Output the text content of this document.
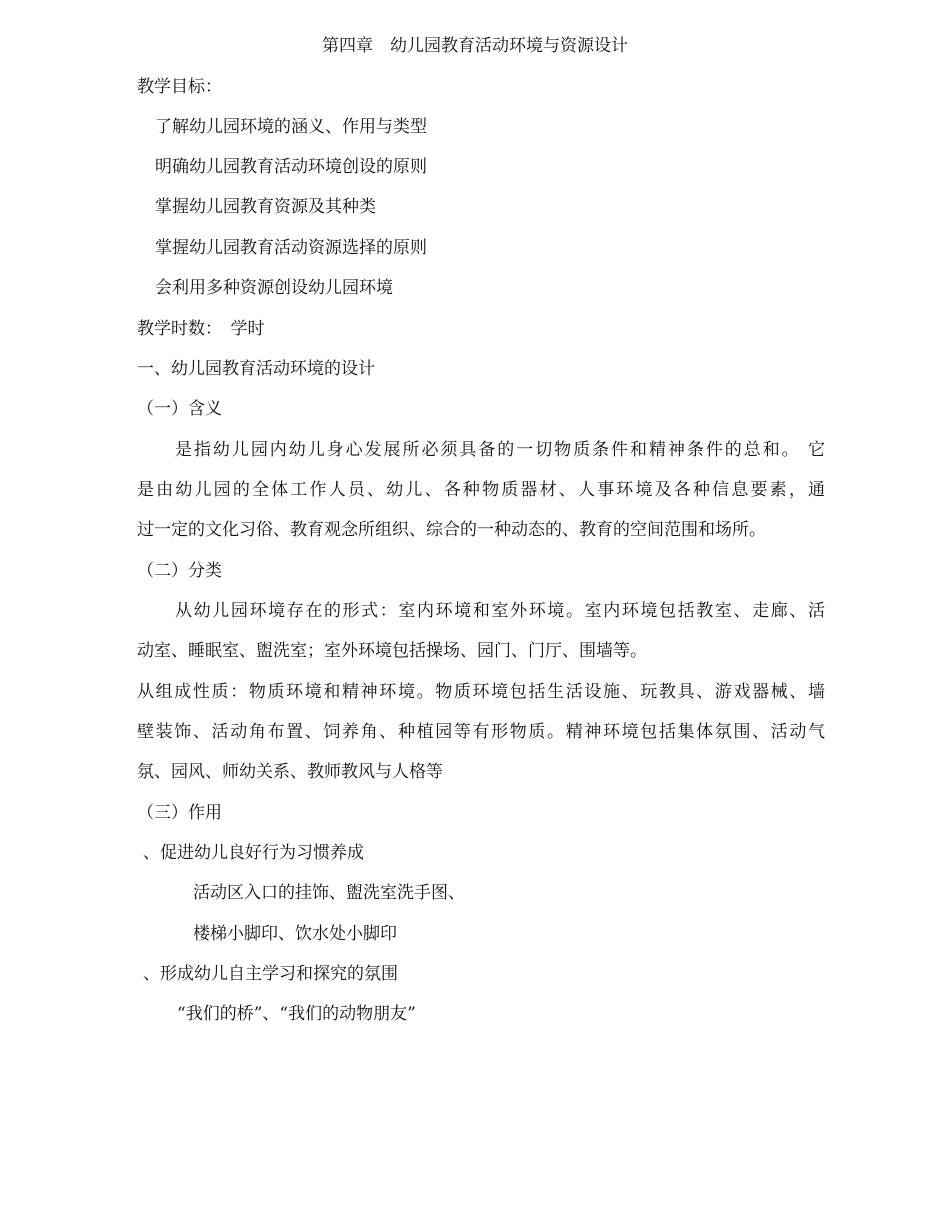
第四章　幼儿园教育活动环境与资源设计
教学目标：
了解幼儿园环境的涵义、作用与类型
明确幼儿园教育活动环境创设的原则
掌握幼儿园教育资源及其种类
掌握幼儿园教育活动资源选择的原则
会利用多种资源创设幼儿园环境
教学时数：　学时
一、幼儿园教育活动环境的设计
（一）含义
是指幼儿园内幼儿身心发展所必须具备的一切物质条件和精神条件的总和。 它
是由幼儿园的全体工作人员、幼儿、各种物质器材、人事环境及各种信息要素，通
过一定的文化习俗、教育观念所组织、综合的一种动态的、教育的空间范围和场所。
（二）分类
从幼儿园环境存在的形式：室内环境和室外环境。室内环境包括教室、走廊、活
动室、睡眠室、盥洗室；室外环境包括操场、园门、门厅、围墙等。
从组成性质：物质环境和精神环境。物质环境包括生活设施、玩教具、游戏器械、墙
壁装饰、活动角布置、饲养角、种植园等有形物质。精神环境包括集体氛围、活动气
氛、园风、师幼关系、教师教风与人格等
（三）作用
、促进幼儿良好行为习惯养成
活动区入口的挂饰、盥洗室洗手图、
楼梯小脚印、饮水处小脚印
、形成幼儿自主学习和探究的氛围
“我们的桥”、“我们的动物朋友”
